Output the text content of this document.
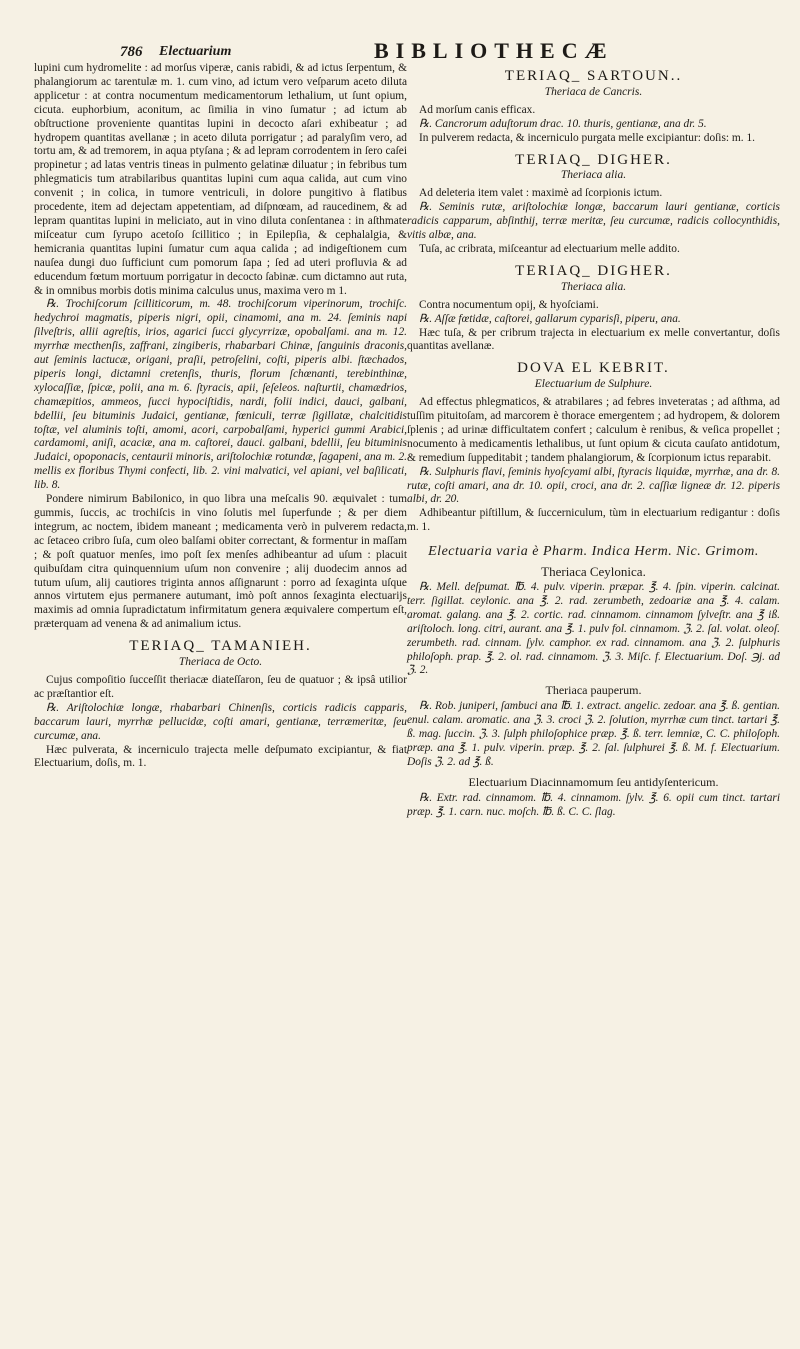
786 Electuarium	BIBLIOTHECÆ

lupini cum hydromelite : ad morſus viperæ, canis rabidi, & ad ictus ſerpentum, & phalangiorum ac tarentulæ m. 1. cum vino, ad ictum vero veſparum aceto diluta applicetur : at contra nocumentum medicamentorum lethalium, ut ſunt opium, cicuta. euphorbium, aconitum, ac ſimilia in vino ſumatur ; ad ictum ab obſtructione proveniente quantitas lupini in decocto aſari exhibeatur ; ad hydropem quantitas avellanæ ; in aceto diluta porrigatur ; ad paralyſim vero, ad tortu am, & ad tremorem, in aqua ptyſana ; & ad lepram corrodentem in ſero caſei propinetur ; ad latas ventris tineas in pulmento gelatinæ diluatur ; in febribus tum phlegmaticis tum atrabilaribus quantitas lupini cum aqua calida, aut cum vino convenit ; in colica, in tumore ventriculi, in dolore pungitivo à flatibus procedente, item ad dejectam appetentiam, ad diſpnœam, ad raucedinem, & ad lepram quantitas lupini in meliciato, aut in vino diluta conſentanea : in aſthmate miſceatur cum ſyrupo acetoſo ſcillitico ; in Epilepſia, & cephalalgia, & hemicrania quantitas lupini ſumatur cum aqua calida ; ad indigeſtionem cum nauſea dungi duo ſufficiunt cum pomorum ſapa ; ſed ad uteri profluvia & ad educendum fœtum mortuum porrigatur in decocto ſabinæ. cum dictamno aut ruta, & in omnibus morbis dotis minima calculus unus, maxima vero m 1.

℞. Trochiſcorum ſcilliticorum, m. 48. trochiſcorum viperinorum, trochiſc. hedychroi magmatis, piperis nigri, opii, cinamomi, ana m. 24. ſeminis napi ſilveſtris, allii agreſtis, irios, agarici ſucci glycyrrizæ, opobalſami. ana m. 12. myrrhæ mecthenſis, zaffrani, zingiberis, rhabarbari Chinæ, ſanguinis draconis, aut ſeminis lactucæ, origani, praſii, petroſelini, coſti, piperis albi. ſtæchados, piperis longi, dictamni cretenſis, thuris, florum ſchœnanti, terebinthinæ, xylocaſſiæ, ſpicæ, polii, ana m. 6. ſtyracis, apii, ſeſeleos. naſturtii, chamædrios, chamæpitios, ammeos, ſucci hypociſtidis, nardi, folii indici, dauci, galbani, bdellii, ſeu bituminis Judaici, gentianæ, fœniculi, terræ ſigillatæ, chalcitidis toſtæ, vel aluminis toſti, amomi, acori, carpobalſami, hyperici gummi Arabici, cardamomi, aniſi, acaciæ, ana m. caſtorei, dauci. galbani, bdellii, ſeu bituminis Judaici, opoponacis, centaurii minoris, ariſtolochiæ rotundæ, ſagapeni, ana m. 2. mellis ex floribus Thymi confecti, lib. 2. vini malvatici, vel apiani, vel baſilicati, lib. 8.

Pondere nimirum Babilonico, in quo libra una meſcalis 90. æquivalet : tum gummis, ſuccis, ac trochiſcis in vino ſolutis mel ſuperfunde ; & per diem integrum, ac noctem, ibidem maneant ; medicamenta verò in pulverem redacta, ac ſetaceo cribro ſuſa, cum oleo balſami obiter correctant, & formentur in maſſam ; & poſt quatuor menſes, imo poſt ſex menſes adhibeantur ad uſum : placuit quibuſdam citra quinquennium uſum non convenire ; alij duodecim annos ad tutum uſum, alij cautiores triginta annos aſſignarunt : porro ad ſexaginta uſque annos virtutem ejus permanere autumant, imò poſt annos ſexaginta electuarijs maximis ad omnia ſupradictatum infirmitatum genera æquivalere compertum eſt, præterquam ad venena & ad animalium ictus.

TERIAQ_ TAMANIEH.
Theriaca de Octo.

Cujus compoſitio ſucceſſit theriacæ diateſſaron, ſeu de quatuor ; & ipsâ utilior ac præſtantior eſt.

℞. Ariſtolochiæ longæ, rhabarbari Chinenſis, corticis radicis capparis, baccarum lauri, myrrhæ pellucidæ, coſti amari, gentianæ, terræmeritæ, ſeu curcumæ, ana.

Hæc pulverata, & incerniculo trajecta melle deſpumato excipiantur, & fiat Electuarium, doſis, m. 1.

TERIAQ_ SARTOUN..
Theriaca de Cancris.

Ad morſum canis efficax.

℞. Cancrorum aduſtorum drac. 10. thuris, gentianæ, ana dr. 5.

In pulverem redacta, & incerniculo purgata melle excipiantur: doſis: m. 1.

TERIAQ_ DIGHER.
Theriaca alia.

Ad deleteria item valet : maximè ad ſcorpionis ictum.

℞. Seminis rutæ, ariſtolochiæ longæ, baccarum lauri gentianæ, corticis radicis capparum, abſinthij, terræ meritæ, ſeu curcumæ, radicis collocynthidis, vitis albæ, ana.

Tuſa, ac cribrata, miſceantur ad electuarium melle addito.

TERIAQ_ DIGHER.
Theriaca alia.

Contra nocumentum opij, & hyoſciami.

℞. Aſſæ fœtidæ, caſtorei, gallarum cyparisſi, piperu, ana.

Hæc tuſa, & per cribrum trajecta in electuarium ex melle convertantur, doſis quantitas avellanæ.

DOVA EL KEBRIT.
Electuarium de Sulphure.

Ad effectus phlegmaticos, & atrabilares ; ad febres inveteratas ; ad aſthma, ad tuſſim pituitoſam, ad marcorem è thorace emergentem ; ad hydropem, & dolorem ſplenis ; ad urinæ difficultatem confert ; calculum è renibus, & veſica propellet ; nocumento à medicamentis lethalibus, ut ſunt opium & cicuta cauſato antidotum, & remedium ſuppeditabit ; tandem phalangiorum, & ſcorpionum ictus reparabit.

℞. Sulphuris flavi, ſeminis hyoſcyami albi, ſtyracis liquidæ, myrrhæ, ana dr. 8. rutæ, coſti amari, ana dr. 10. opii, croci, ana dr. 2. caſſiæ ligneæ dr. 12. piperis albi, dr. 20.

Adhibeantur piſtillum, & ſuccerniculum, tùm in electuarium redigantur : doſis m. 1.

Electuaria varia è Pharm. Indica Herm. Nic. Grimom.
Theriaca Ceylonica.

℞. Mell. deſpumat. ℔. 4. pulv. viperin. præpar. ℥. 4. ſpin. viperin. calcinat. terr. ſigillat. ceylonic. ana ℥. 2. rad. zerumbeth, zedoariæ ana ℥. 4. calam. aromat. galang. ana ℥. 2. cortic. rad. cinnamom. cinnamom ſylveſtr. ana ℥ iß. ariſtoloch. long. citri, aurant. ana ℥. 1. pulv fol. cinnamom. ℨ. 2. ſal. volat. oleoſ. zerumbeth. rad. cinnam. ſylv. camphor. ex rad. cinnamom. ana ℨ. 2. ſulphuris philoſoph. prap. ℥. 2. ol. rad. cinnamom. ℨ. 3. Miſc. f. Electuarium. Doſ. ℈j. ad ℨ. 2.

Theriaca pauperum.

℞. Rob. juniperi, ſambuci ana ℔. 1. extract. angelic. zedoar. ana ℥. ß. gentian. enul. calam. aromatic. ana ℨ. 3. croci ℨ. 2. ſolution, myrrhæ cum tinct. tartari ℥. ß. mag. ſuccin. ℨ. 3. ſulph philoſophice præp. ℥. ß. terr. lemniæ, C. C. philoſoph. præp. ana ℥. 1. pulv. viperin. præp. ℥. 2. ſal. ſulphurei ℥. ß. M. f. Electuarium. Doſis ℨ. 2. ad ℥. ß.

Electuarium Diacinnamomum ſeu antidyſentericum.

℞. Extr. rad. cinnamom. ℔. 4. cinnamom. ſylv. ℥. 6. opii cum tinct. tartari præp. ℥. 1. carn. nuc. moſch. ℔. ß. C. C. ſlag.
